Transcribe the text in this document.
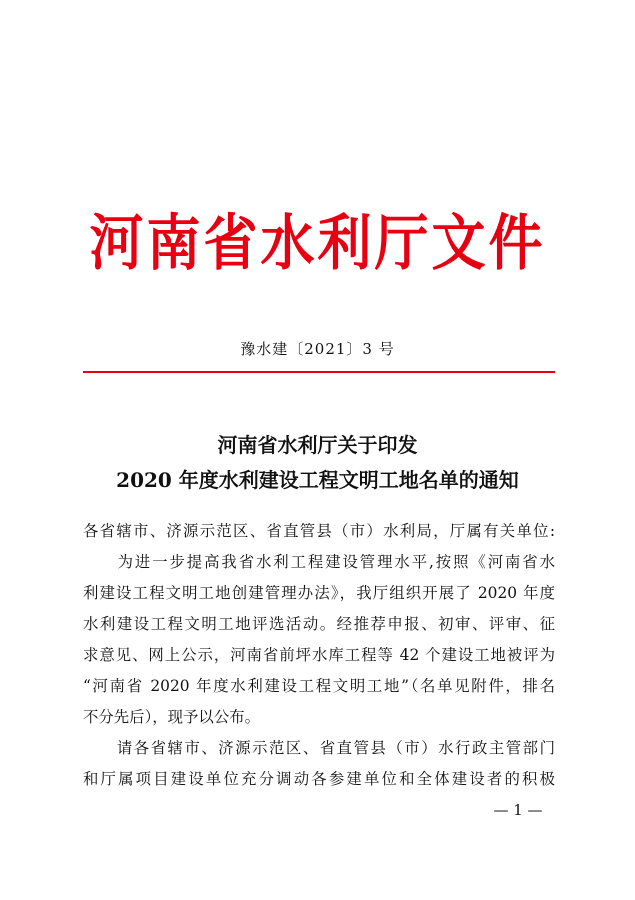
河南省水利厅文件
豫水建〔2021〕3 号
河南省水利厅关于印发
2020 年度水利建设工程文明工地名单的通知
各省辖市、济源示范区、省直管县（市）水利局，厅属有关单位:
　　为进一步提高我省水利工程建设管理水平,按照《河南省水
利建设工程文明工地创建管理办法》，我厅组织开展了 2020 年度
水利建设工程文明工地评选活动。经推荐申报、初审、评审、征
求意见、网上公示，河南省前坪水库工程等 42 个建设工地被评为
“河南省 2020 年度水利建设工程文明工地”（名单见附件，排名
不分先后），现予以公布。
　　请各省辖市、济源示范区、省直管县（市）水行政主管部门
和厅属项目建设单位充分调动各参建单位和全体建设者的积极
— 1 —
